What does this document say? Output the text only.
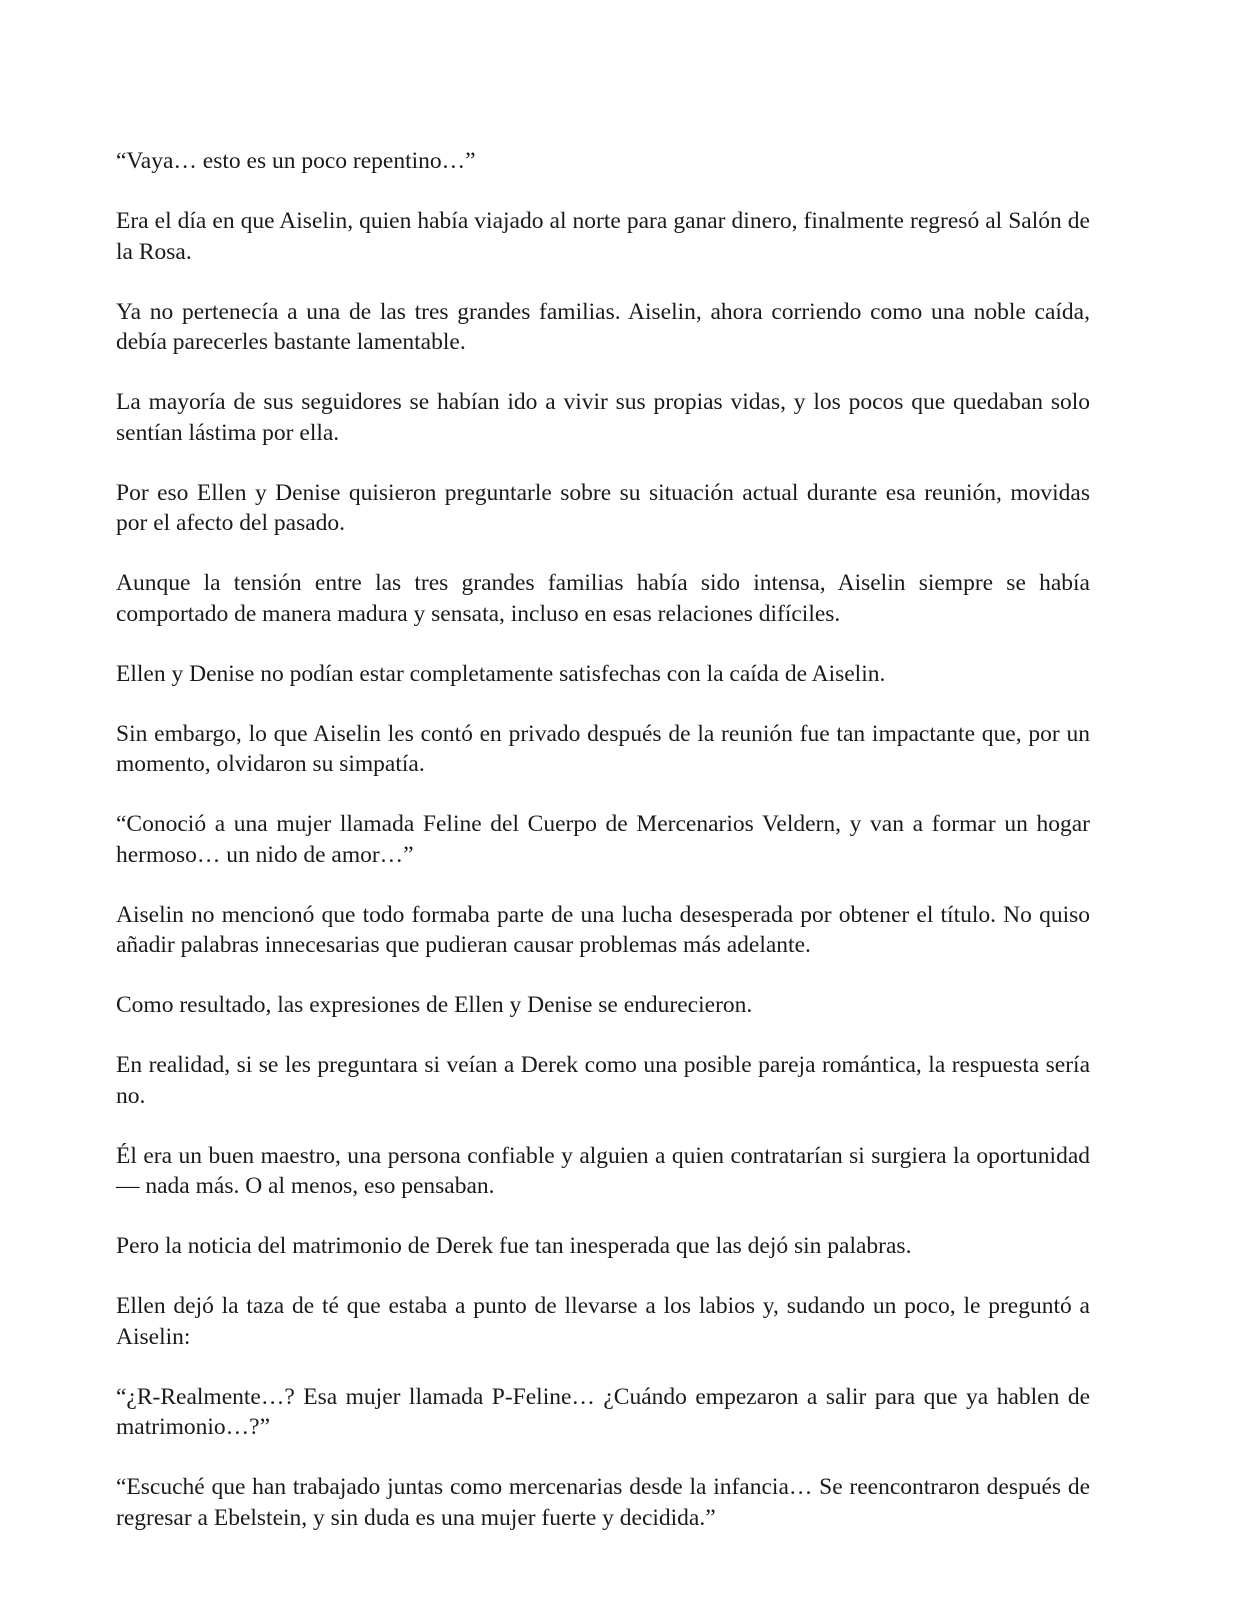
“Vaya… esto es un poco repentino…”

Era el día en que Aiselin, quien había viajado al norte para ganar dinero, finalmente regresó al Salón de la Rosa.

Ya no pertenecía a una de las tres grandes familias. Aiselin, ahora corriendo como una noble caída, debía parecerles bastante lamentable.

La mayoría de sus seguidores se habían ido a vivir sus propias vidas, y los pocos que quedaban solo sentían lástima por ella.

Por eso Ellen y Denise quisieron preguntarle sobre su situación actual durante esa reunión, movidas por el afecto del pasado.

Aunque la tensión entre las tres grandes familias había sido intensa, Aiselin siempre se había comportado de manera madura y sensata, incluso en esas relaciones difíciles.

Ellen y Denise no podían estar completamente satisfechas con la caída de Aiselin.

Sin embargo, lo que Aiselin les contó en privado después de la reunión fue tan impactante que, por un momento, olvidaron su simpatía.

“Conoció a una mujer llamada Feline del Cuerpo de Mercenarios Veldern, y van a formar un hogar hermoso… un nido de amor…”

Aiselin no mencionó que todo formaba parte de una lucha desesperada por obtener el título. No quiso añadir palabras innecesarias que pudieran causar problemas más adelante.

Como resultado, las expresiones de Ellen y Denise se endurecieron.

En realidad, si se les preguntara si veían a Derek como una posible pareja romántica, la respuesta sería no.

Él era un buen maestro, una persona confiable y alguien a quien contratarían si surgiera la oportunidad — nada más. O al menos, eso pensaban.

Pero la noticia del matrimonio de Derek fue tan inesperada que las dejó sin palabras.

Ellen dejó la taza de té que estaba a punto de llevarse a los labios y, sudando un poco, le preguntó a Aiselin:

“¿R-Realmente…? Esa mujer llamada P-Feline… ¿Cuándo empezaron a salir para que ya hablen de matrimonio…?”

“Escuché que han trabajado juntas como mercenarias desde la infancia… Se reencontraron después de regresar a Ebelstein, y sin duda es una mujer fuerte y decidida.”
